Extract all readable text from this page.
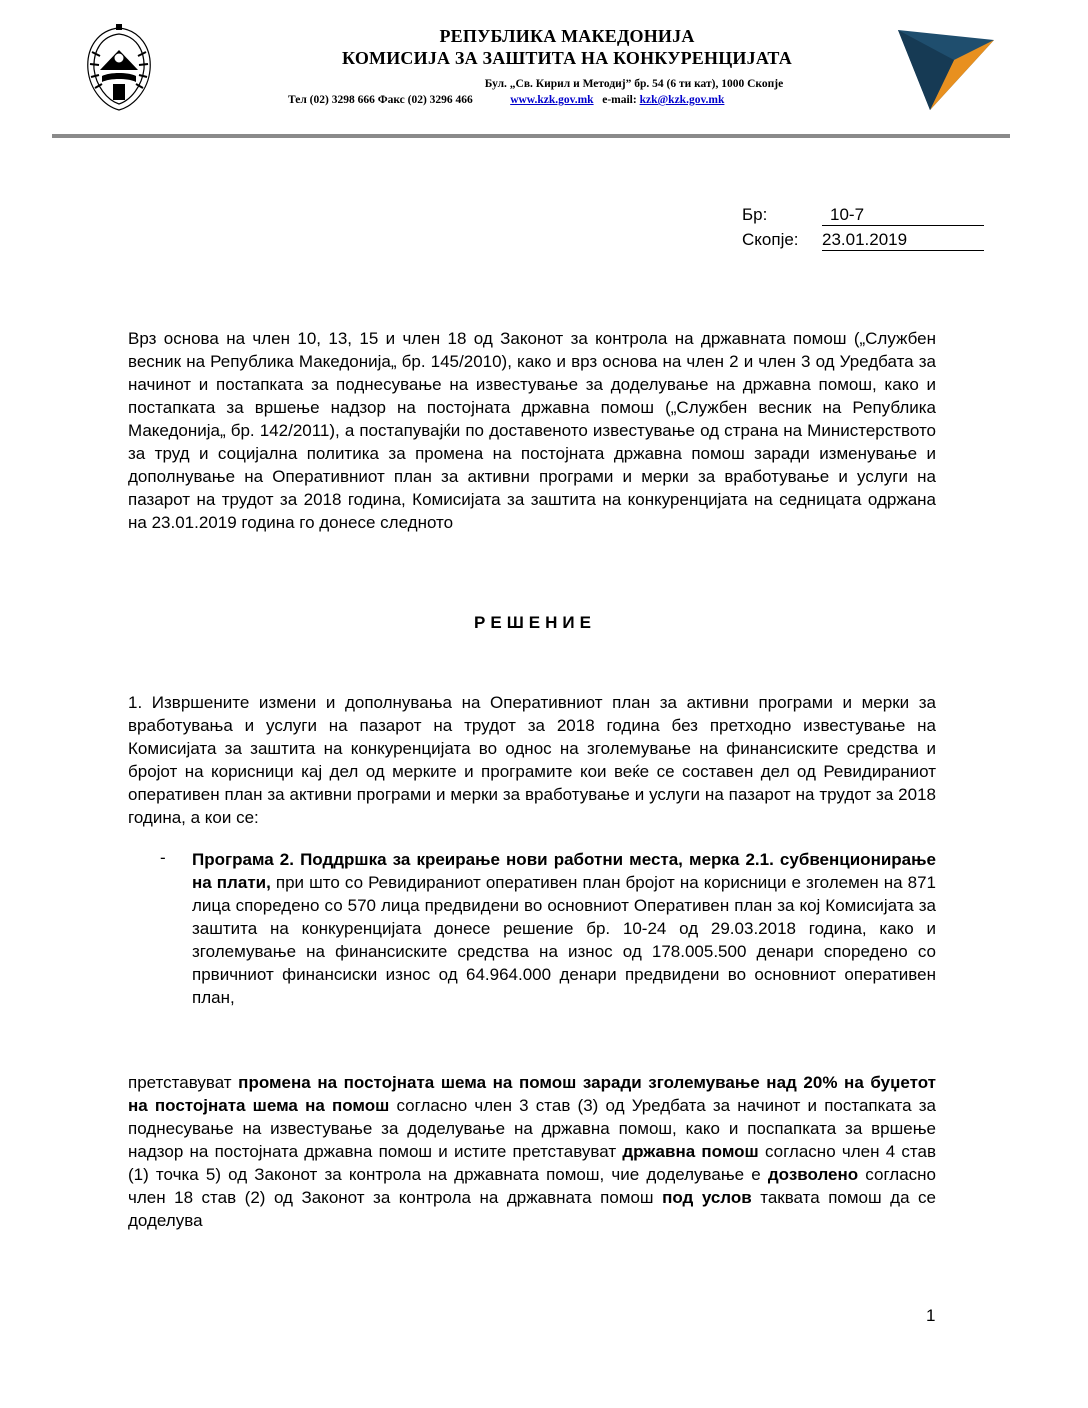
РЕПУБЛИКА МАКЕДОНИЈА
КОМИСИЈА ЗА ЗАШТИТА НА КОНКУРЕНЦИЈАТА
Бул. „Св. Кирил и Методиј” бр. 54 (6 ти кат), 1000 Скопје
Тел (02) 3298 666 Факс (02) 3296 466	www.kzk.gov.mk e-mail: kzk@kzk.gov.mk
Бр:	10-7
Скопје: 23.01.2019
Врз основа на член 10, 13, 15 и член 18 од Законот за контрола на државната помош („Службен весник на Република Македонија„ бр. 145/2010), како и врз основа на член 2 и член 3 од Уредбата за начинот и постапката за поднесување на известување за доделување на државна помош, како и постапката за вршење надзор на постојната државна помош („Службен весник на Република Македонија„ бр. 142/2011), а постапувајќи по доставеното известување од страна на Министерството за труд и социјална политика за промена на постојната државна помош заради изменување и дополнување на Оперативниот план за активни програми и мерки за вработување и услуги на пазарот на трудот за 2018 година, Комисијата за заштита на конкуренцијата на седницата одржана на 23.01.2019 година го донесе следното
РЕШЕНИЕ
1. Извршените измени и дополнувања на Оперативниот план за активни програми и мерки за вработувања и услуги на пазарот на трудот за 2018 година без претходно известување на Комисијата за заштита на конкуренцијата во однос на зголемување на финансиските средства и бројот на корисници кај дел од мерките и програмите кои веќе се составен дел од Ревидираниот оперативен план за активни програми и мерки за вработување и услуги на пазарот на трудот за 2018 година, а кои се:
- Програма 2. Поддршка за креирање нови работни места, мерка 2.1. субвенционирање на плати, при што со Ревидираниот оперативен план бројот на корисници е зголемен на 871 лица споредено со 570 лица предвидени во основниот Оперативен план за кој Комисијата за заштита на конкуренцијата донесе решение бр. 10-24 од 29.03.2018 година, како и зголемување на финансиските средства на износ од 178.005.500 денари споредено со првичниот финансиски износ од 64.964.000 денари предвидени во основниот оперативен план,
претставуват промена на постојната шема на помош заради зголемување над 20% на буџетот на постојната шема на помош согласно член 3 став (3) од Уредбата за начинот и постапката за поднесување на известување за доделување на државна помош, како и поспапката за вршење надзор на постојната државна помош и истите претставуват државна помош согласно член 4 став (1) точка 5) од Законот за контрола на државната помош, чие доделување е дозволено согласно член 18 став (2) од Законот за контрола на државната помош под услов таквата помош да се доделува
1
